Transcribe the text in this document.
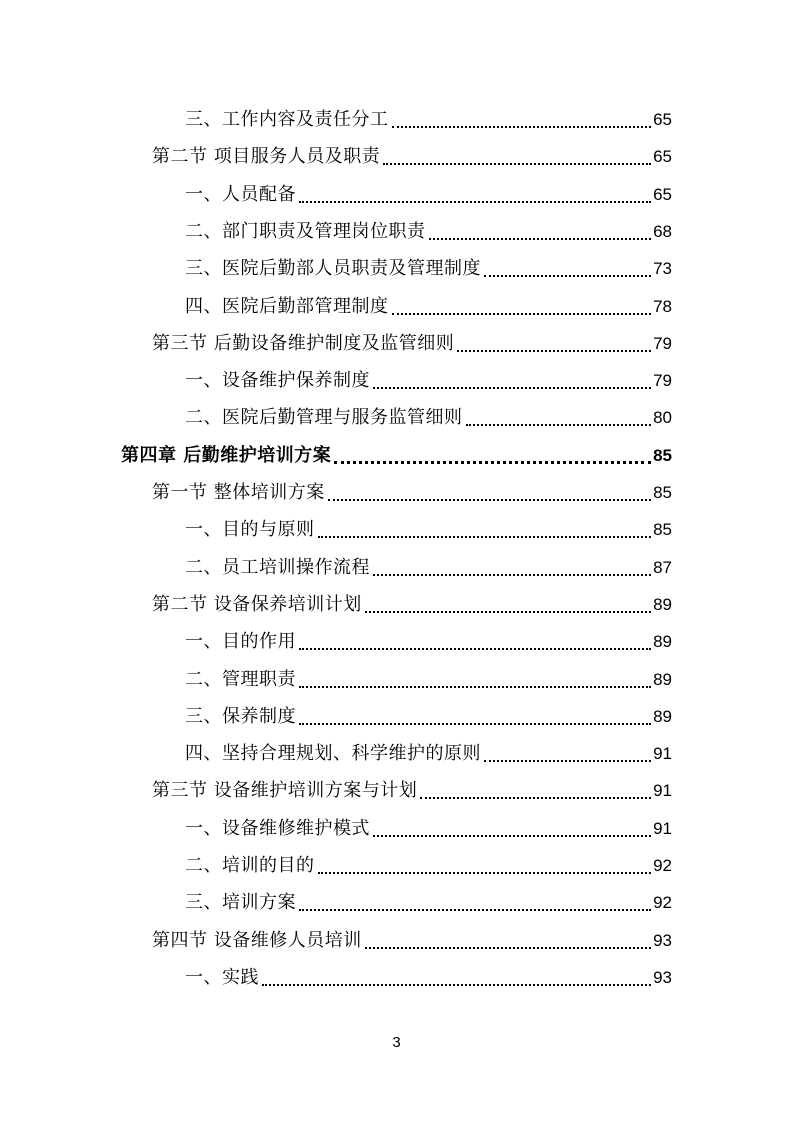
三、工作内容及责任分工	65
第二节 项目服务人员及职责	65
一、人员配备	65
二、部门职责及管理岗位职责	68
三、医院后勤部人员职责及管理制度	73
四、医院后勤部管理制度	78
第三节 后勤设备维护制度及监管细则	79
一、设备维护保养制度	79
二、医院后勤管理与服务监管细则	80
第四章 后勤维护培训方案	85
第一节 整体培训方案	85
一、目的与原则	85
二、员工培训操作流程	87
第二节 设备保养培训计划	89
一、目的作用	89
二、管理职责	89
三、保养制度	89
四、坚持合理规划、科学维护的原则	91
第三节 设备维护培训方案与计划	91
一、设备维修维护模式	91
二、培训的目的	92
三、培训方案	92
第四节 设备维修人员培训	93
一、实践	93
3
